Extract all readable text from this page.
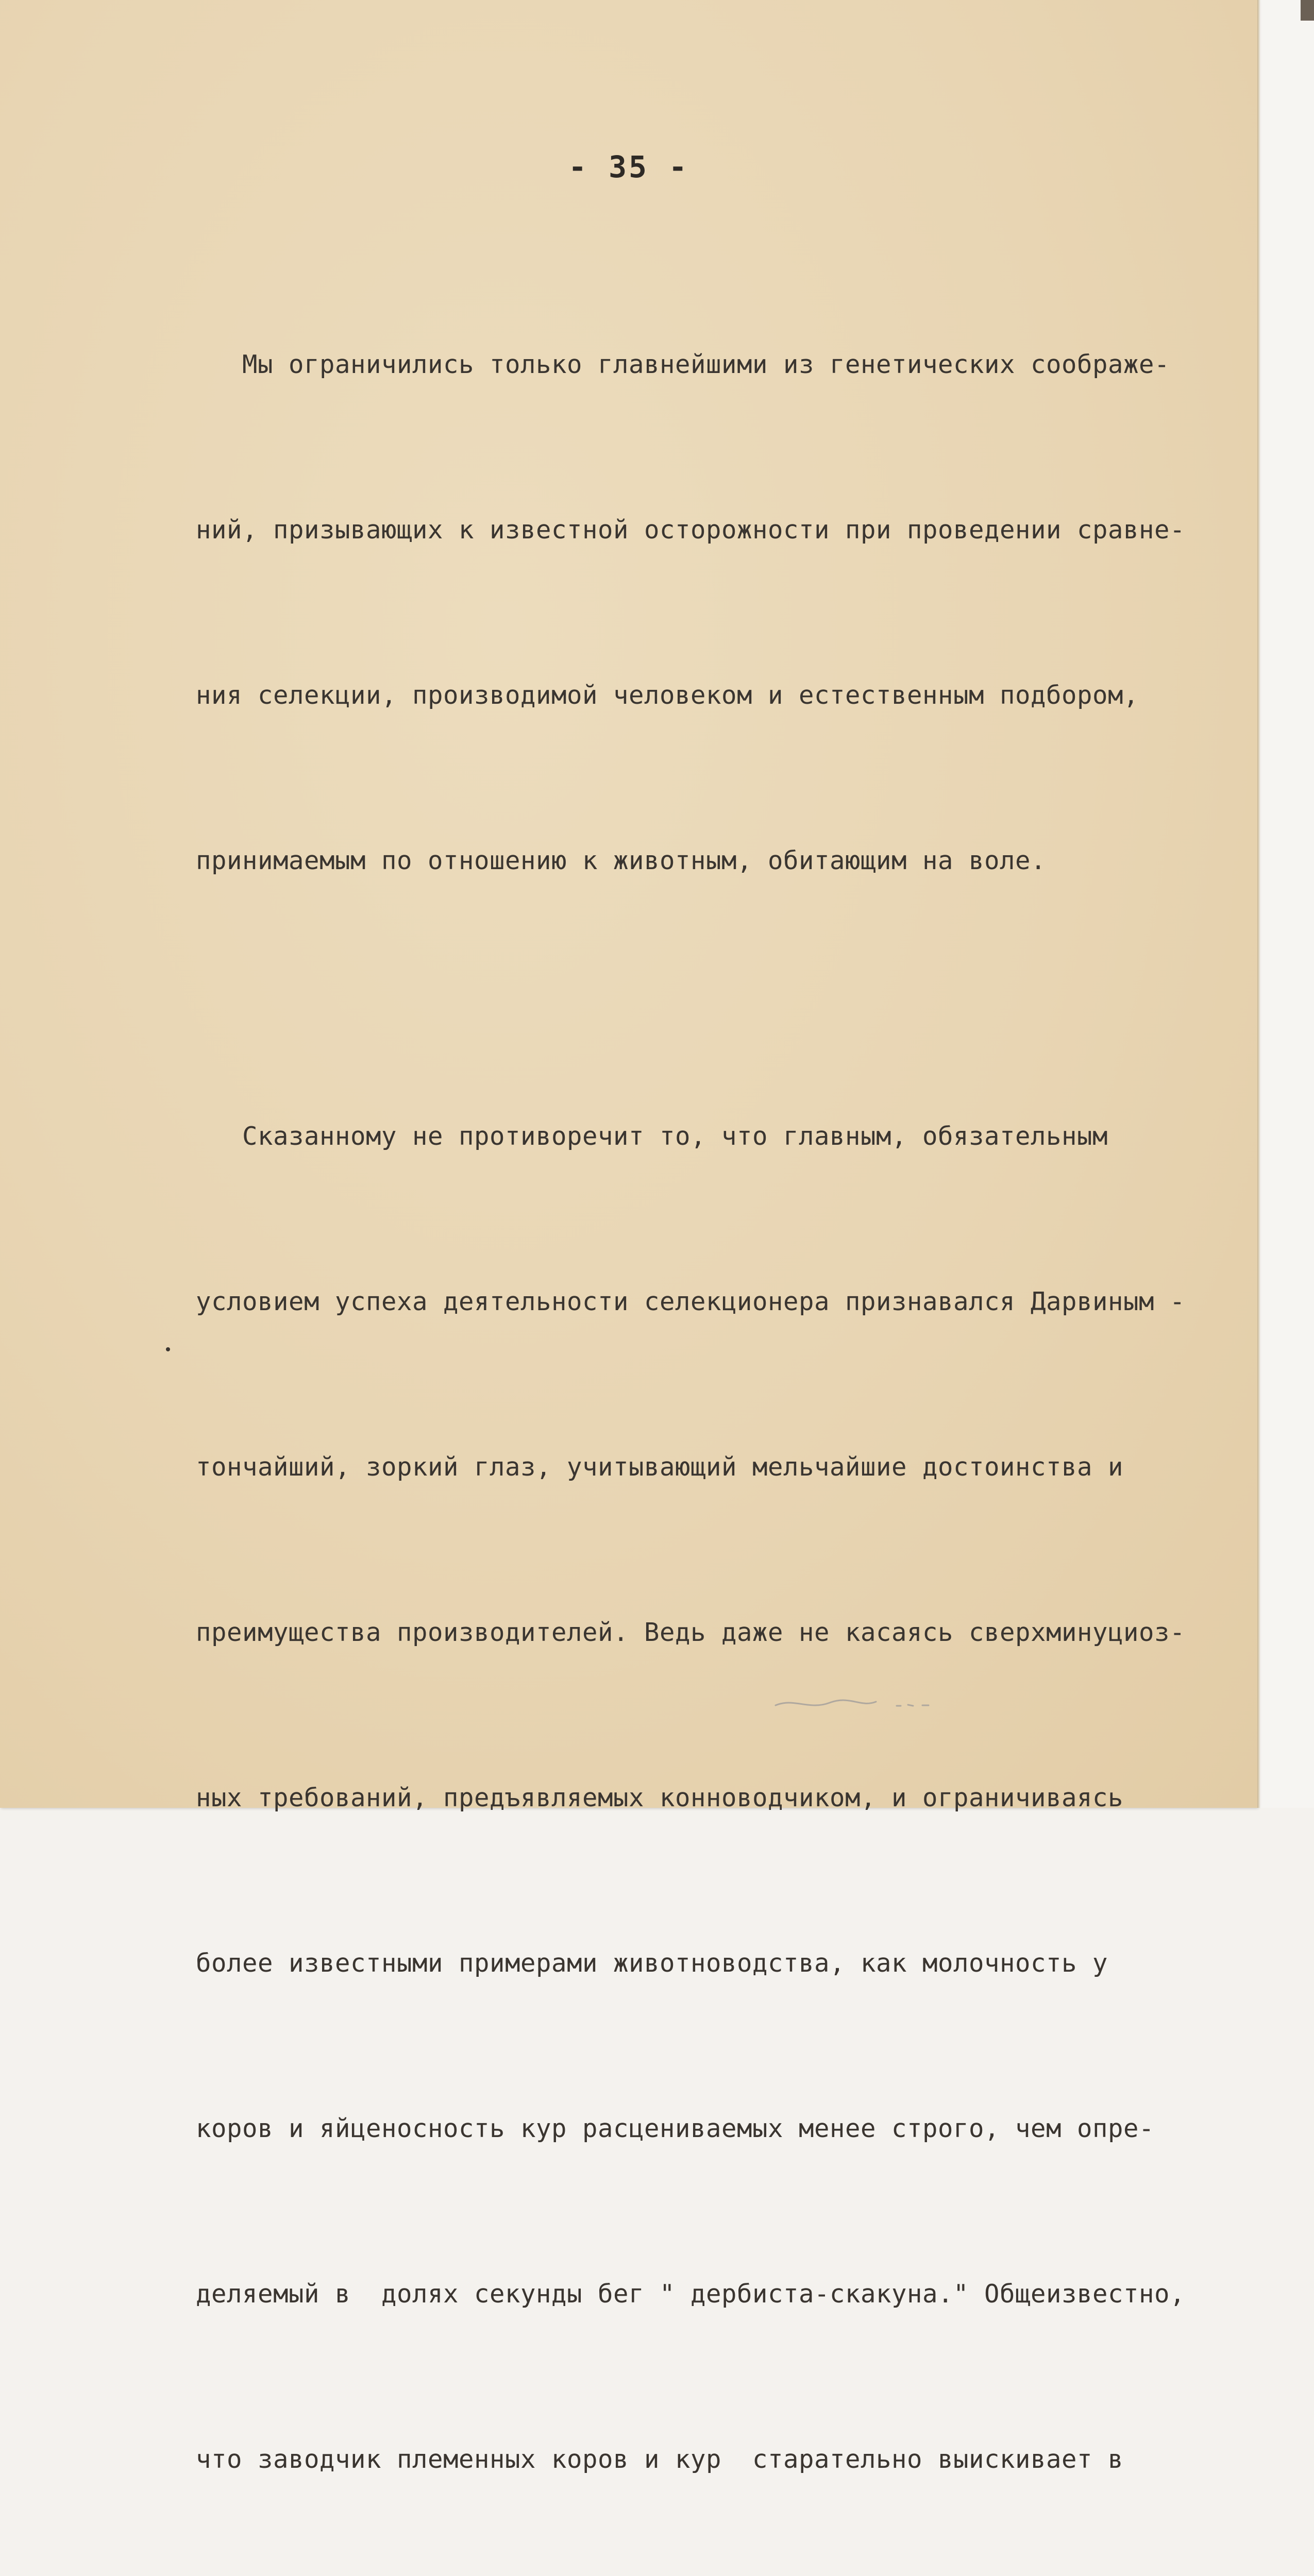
- 35 -

Мы ограничились только главнейшими из генетических соображе-

ний, призывающих к известной осторожности при проведении сравне-

ния селекции, производимой человеком и естественным подбором,

принимаемым по отношению к животным, обитающим на воле.

Сказанному не противоречит то, что главным, обязательным

условием успеха деятельности селекционера признавался Дарвиным -

тончайший, зоркий глаз, учитывающий мельчайшие достоинства и

преимущества производителей. Ведь даже не касаясь сверхминуциоз-

ных требований, предъявляемых конноводчиком, и ограничиваясь

более известными примерами животноводства, как молочность у

коров и яйценосность кур расцениваемых менее строго, чем опре-

деляемый в  долях секунды бег " дербиста-скакуна." Общеизвестно,

что заводчик племенных коров и кур  старательно выискивает в
